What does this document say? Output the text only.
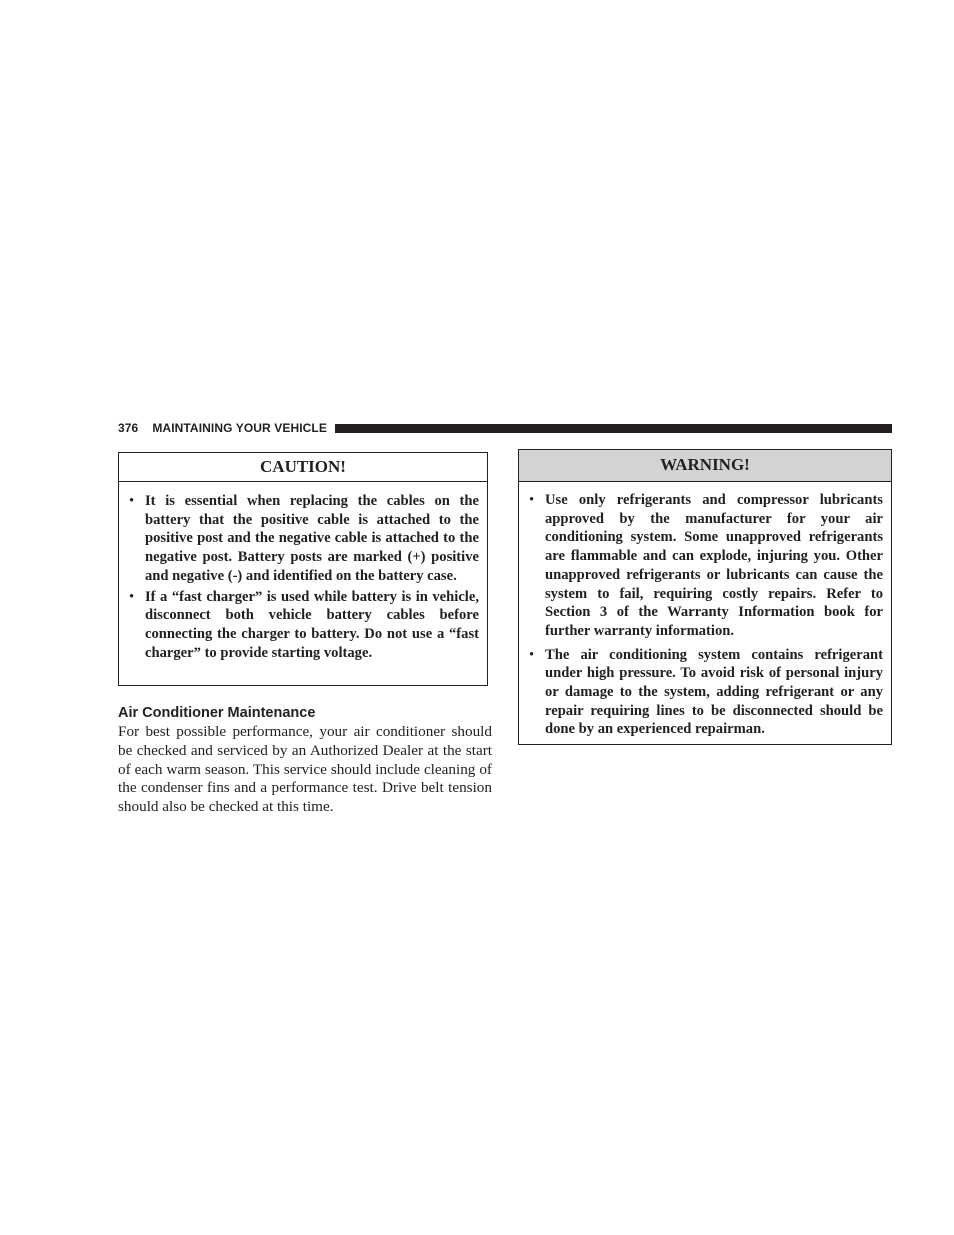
376 MAINTAINING YOUR VEHICLE
CAUTION!
• It is essential when replacing the cables on the battery that the positive cable is attached to the positive post and the negative cable is attached to the negative post. Battery posts are marked (+) positive and negative (-) and identified on the battery case.
• If a “fast charger” is used while battery is in vehicle, disconnect both vehicle battery cables before connecting the charger to battery. Do not use a “fast charger” to provide starting voltage.
Air Conditioner Maintenance

For best possible performance, your air conditioner should be checked and serviced by an Authorized Dealer at the start of each warm season. This service should include cleaning of the condenser fins and a performance test. Drive belt tension should also be checked at this time.

WARNING!
• Use only refrigerants and compressor lubricants approved by the manufacturer for your air conditioning system. Some unapproved refrigerants are flammable and can explode, injuring you. Other unapproved refrigerants or lubricants can cause the system to fail, requiring costly repairs. Refer to Section 3 of the Warranty Information book for further warranty information.
• The air conditioning system contains refrigerant under high pressure. To avoid risk of personal injury or damage to the system, adding refrigerant or any repair requiring lines to be disconnected should be done by an experienced repairman.
